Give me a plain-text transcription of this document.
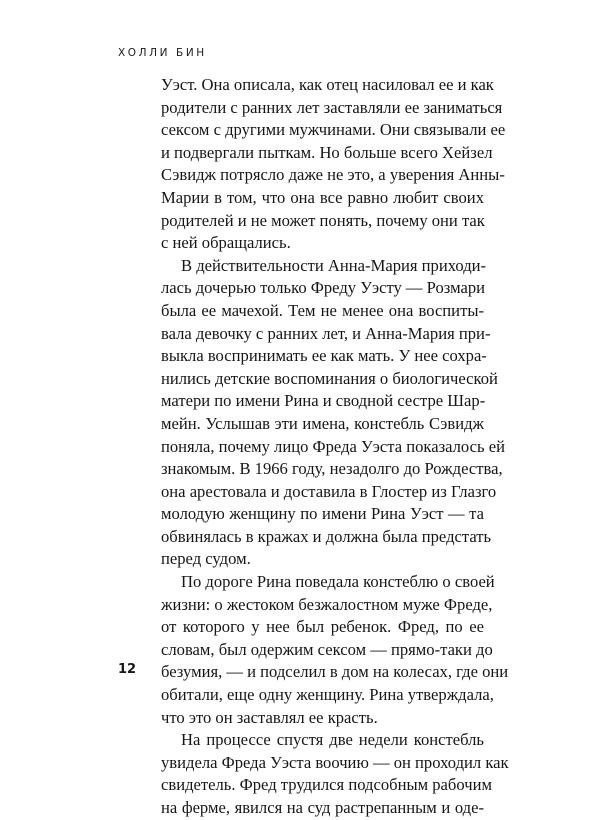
ХОЛЛИ БИН
Уэст. Она описала, как отец насиловал ее и как
родители с ранних лет заставляли ее заниматься
сексом с другими мужчинами. Они связывали ее
и подвергали пыткам. Но больше всего Хейзел
Сэвидж потрясло даже не это, а уверения Анны-
Марии в том, что она все равно любит своих
родителей и не может понять, почему они так
с ней обращались.
В действительности Анна-Мария приходи-
лась дочерью только Фреду Уэсту — Розмари
была ее мачехой. Тем не менее она воспиты-
вала девочку с ранних лет, и Анна-Мария при-
выкла воспринимать ее как мать. У нее сохра-
нились детские воспоминания о биологической
матери по имени Рина и сводной сестре Шар-
мейн. Услышав эти имена, констебль Сэвидж
поняла, почему лицо Фреда Уэста показалось ей
знакомым. В 1966 году, незадолго до Рождества,
она арестовала и доставила в Глостер из Глазго
молодую женщину по имени Рина Уэст — та
обвинялась в кражах и должна была предстать
перед судом.
По дороге Рина поведала констеблю о своей
жизни: о жестоком безжалостном муже Фреде,
от которого у нее был ребенок. Фред, по ее
словам, был одержим сексом — прямо-таки до
безумия, — и подселил в дом на колесах, где они
обитали, еще одну женщину. Рина утверждала,
что это он заставлял ее красть.
На процессе спустя две недели констебль
увидела Фреда Уэста воочию — он проходил как
свидетель. Фред трудился подсобным рабочим
на ферме, явился на суд растрепанным и оде-
12
